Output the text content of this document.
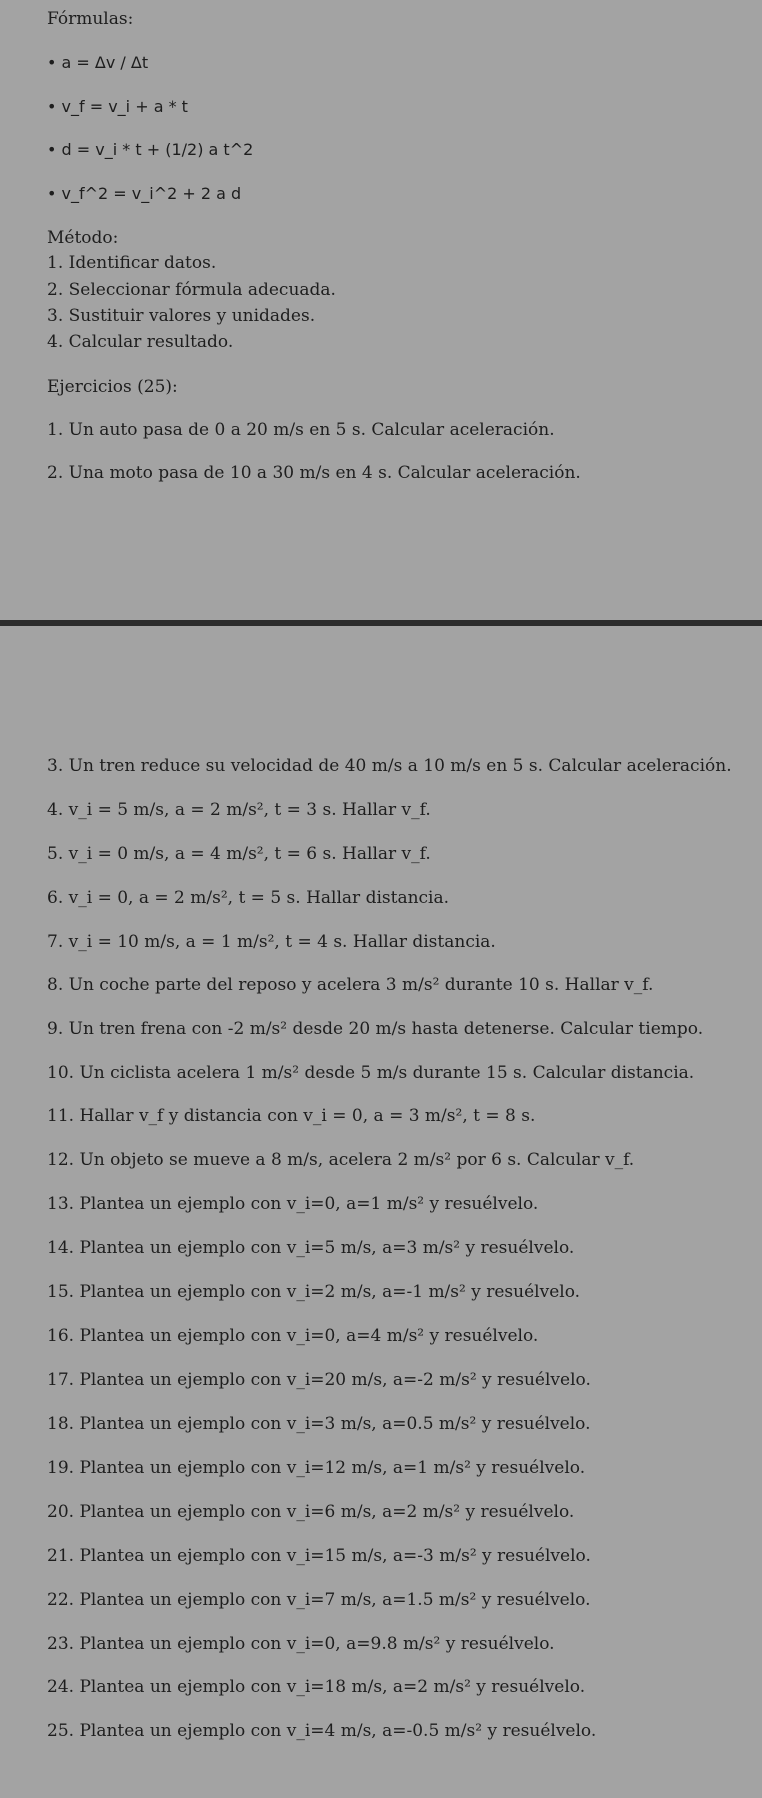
Fórmulas:
• a = Δv / Δt
• v_f = v_i + a * t
• d = v_i * t + (1/2) a t^2
• v_f^2 = v_i^2 + 2 a d
Método:
1. Identificar datos.
2. Seleccionar fórmula adecuada.
3. Sustituir valores y unidades.
4. Calcular resultado.
Ejercicios (25):
1. Un auto pasa de 0 a 20 m/s en 5 s. Calcular aceleración.
2. Una moto pasa de 10 a 30 m/s en 4 s. Calcular aceleración.
3. Un tren reduce su velocidad de 40 m/s a 10 m/s en 5 s. Calcular aceleración.
4. v_i = 5 m/s, a = 2 m/s², t = 3 s. Hallar v_f.
5. v_i = 0 m/s, a = 4 m/s², t = 6 s. Hallar v_f.
6. v_i = 0, a = 2 m/s², t = 5 s. Hallar distancia.
7. v_i = 10 m/s, a = 1 m/s², t = 4 s. Hallar distancia.
8. Un coche parte del reposo y acelera 3 m/s² durante 10 s. Hallar v_f.
9. Un tren frena con -2 m/s² desde 20 m/s hasta detenerse. Calcular tiempo.
10. Un ciclista acelera 1 m/s² desde 5 m/s durante 15 s. Calcular distancia.
11. Hallar v_f y distancia con v_i = 0, a = 3 m/s², t = 8 s.
12. Un objeto se mueve a 8 m/s, acelera 2 m/s² por 6 s. Calcular v_f.
13. Plantea un ejemplo con v_i=0, a=1 m/s² y resuélvelo.
14. Plantea un ejemplo con v_i=5 m/s, a=3 m/s² y resuélvelo.
15. Plantea un ejemplo con v_i=2 m/s, a=-1 m/s² y resuélvelo.
16. Plantea un ejemplo con v_i=0, a=4 m/s² y resuélvelo.
17. Plantea un ejemplo con v_i=20 m/s, a=-2 m/s² y resuélvelo.
18. Plantea un ejemplo con v_i=3 m/s, a=0.5 m/s² y resuélvelo.
19. Plantea un ejemplo con v_i=12 m/s, a=1 m/s² y resuélvelo.
20. Plantea un ejemplo con v_i=6 m/s, a=2 m/s² y resuélvelo.
21. Plantea un ejemplo con v_i=15 m/s, a=-3 m/s² y resuélvelo.
22. Plantea un ejemplo con v_i=7 m/s, a=1.5 m/s² y resuélvelo.
23. Plantea un ejemplo con v_i=0, a=9.8 m/s² y resuélvelo.
24. Plantea un ejemplo con v_i=18 m/s, a=2 m/s² y resuélvelo.
25. Plantea un ejemplo con v_i=4 m/s, a=-0.5 m/s² y resuélvelo.
